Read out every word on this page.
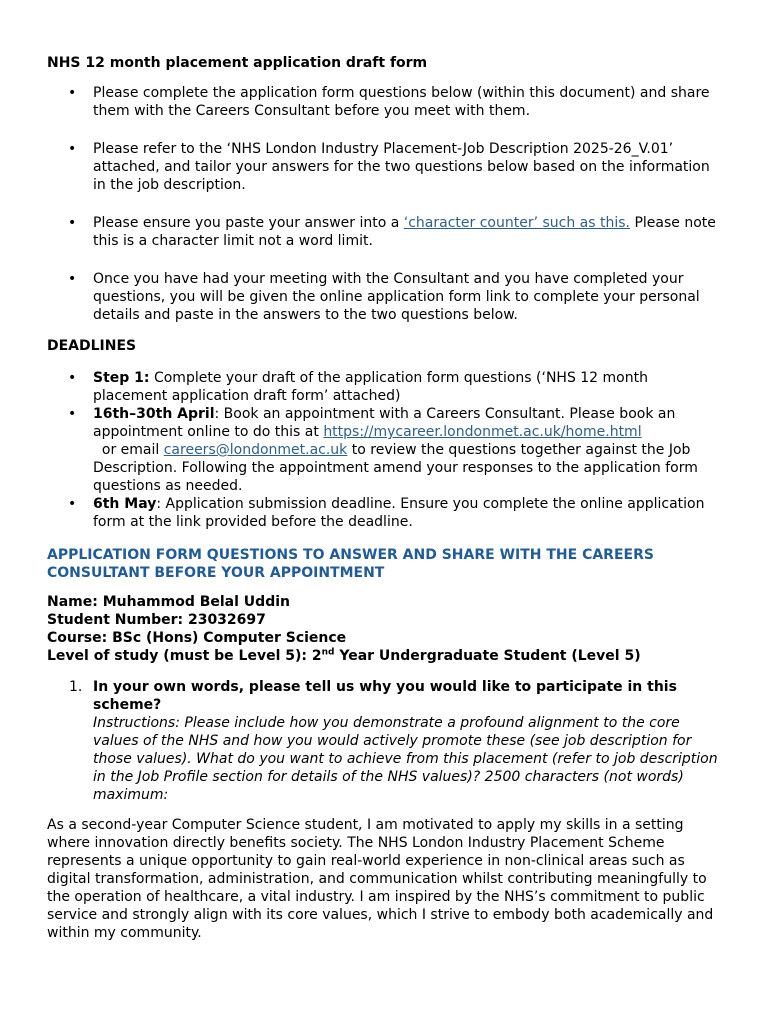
NHS 12 month placement application draft form
• Please complete the application form questions below (within this document) and share them with the Careers Consultant before you meet with them.
• Please refer to the ‘NHS London Industry Placement-Job Description 2025-26_V.01’ attached, and tailor your answers for the two questions below based on the information in the job description.
• Please ensure you paste your answer into a ‘character counter’ such as this. Please note this is a character limit not a word limit.
• Once you have had your meeting with the Consultant and you have completed your questions, you will be given the online application form link to complete your personal details and paste in the answers to the two questions below.
DEADLINES
• Step 1: Complete your draft of the application form questions (‘NHS 12 month placement application draft form’ attached)
• 16th–30th April: Book an appointment with a Careers Consultant. Please book an appointment online to do this at https://mycareer.londonmet.ac.uk/home.html  or email careers@londonmet.ac.uk to review the questions together against the Job Description. Following the appointment amend your responses to the application form questions as needed.
• 6th May: Application submission deadline. Ensure you complete the online application form at the link provided before the deadline.
APPLICATION FORM QUESTIONS TO ANSWER AND SHARE WITH THE CAREERS CONSULTANT BEFORE YOUR APPOINTMENT
Name: Muhammod Belal Uddin
Student Number: 23032697
Course: BSc (Hons) Computer Science
Level of study (must be Level 5): 2nd Year Undergraduate Student (Level 5)
1. In your own words, please tell us why you would like to participate in this scheme?
Instructions: Please include how you demonstrate a profound alignment to the core values of the NHS and how you would actively promote these (see job description for those values). What do you want to achieve from this placement (refer to job description in the Job Profile section for details of the NHS values)? 2500 characters (not words) maximum:
As a second-year Computer Science student, I am motivated to apply my skills in a setting where innovation directly benefits society. The NHS London Industry Placement Scheme represents a unique opportunity to gain real-world experience in non-clinical areas such as digital transformation, administration, and communication whilst contributing meaningfully to the operation of healthcare, a vital industry. I am inspired by the NHS’s commitment to public service and strongly align with its core values, which I strive to embody both academically and within my community.
